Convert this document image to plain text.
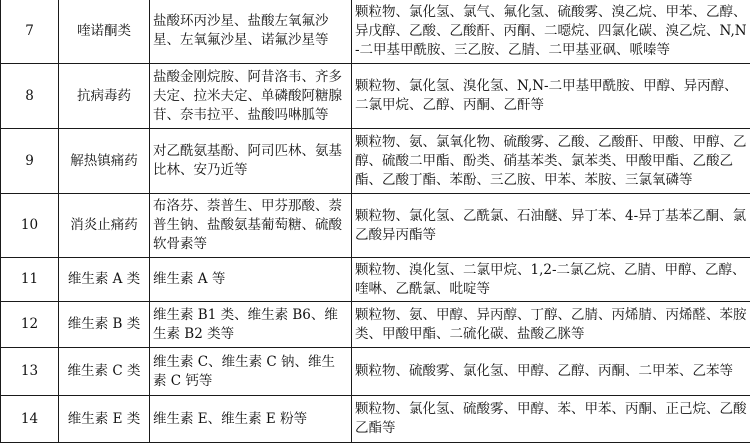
7	喹诺酮类	盐酸环丙沙星、盐酸左氧氟沙星、左氧氟沙星、诺氟沙星等	颗粒物、氯化氢、氯气、氟化氢、硫酸雾、溴乙烷、甲苯、乙醇、异戊醇、乙酸、乙酸酐、丙酮、二噁烷、四氯化碳、溴乙烷、N,N-二甲基甲酰胺、三乙胺、乙腈、二甲基亚砜、哌嗪等
8	抗病毒药	盐酸金刚烷胺、阿昔洛韦、齐多夫定、拉米夫定、单磷酸阿糖腺苷、奈韦拉平、盐酸吗啉胍等	颗粒物、氯化氢、溴化氢、N,N-二甲基甲酰胺、甲醇、异丙醇、二氯甲烷、乙醇、丙酮、乙酐等
9	解热镇痛药	对乙酰氨基酚、阿司匹林、氨基比林、安乃近等	颗粒物、氨、氯氧化物、硫酸雾、乙酸、乙酸酐、甲酸、甲醇、乙醇、硫酸二甲酯、酚类、硝基苯类、氯苯类、甲酸甲酯、乙酸乙酯、乙酸丁酯、苯酚、三乙胺、甲苯、苯胺、三氯氧磷等
10	消炎止痛药	布洛芬、萘普生、甲芬那酸、萘普生钠、盐酸氨基葡萄糖、硫酸软骨素等	颗粒物、氯化氢、乙酰氯、石油醚、异丁苯、4-异丁基苯乙酮、氯乙酸异丙酯等
11	维生素 A 类	维生素 A 等	颗粒物、溴化氢、二氯甲烷、1,2-二氯乙烷、乙腈、甲醇、乙醇、喹啉、乙酰氯、吡啶等
12	维生素 B 类	维生素 B1 类、维生素 B6、维生素 B2 类等	颗粒物、氨、甲醇、异丙醇、丁醇、乙腈、丙烯腈、丙烯醛、苯胺类、甲酸甲酯、二硫化碳、盐酸乙脒等
13	维生素 C 类	维生素 C、维生素 C 钠、维生素 C 钙等	颗粒物、硫酸雾、氯化氢、甲醇、乙醇、丙酮、二甲苯、乙苯等
14	维生素 E 类	维生素 E、维生素 E 粉等	颗粒物、氯化氢、硫酸雾、甲醇、苯、甲苯、丙酮、正己烷、乙酸乙酯等
